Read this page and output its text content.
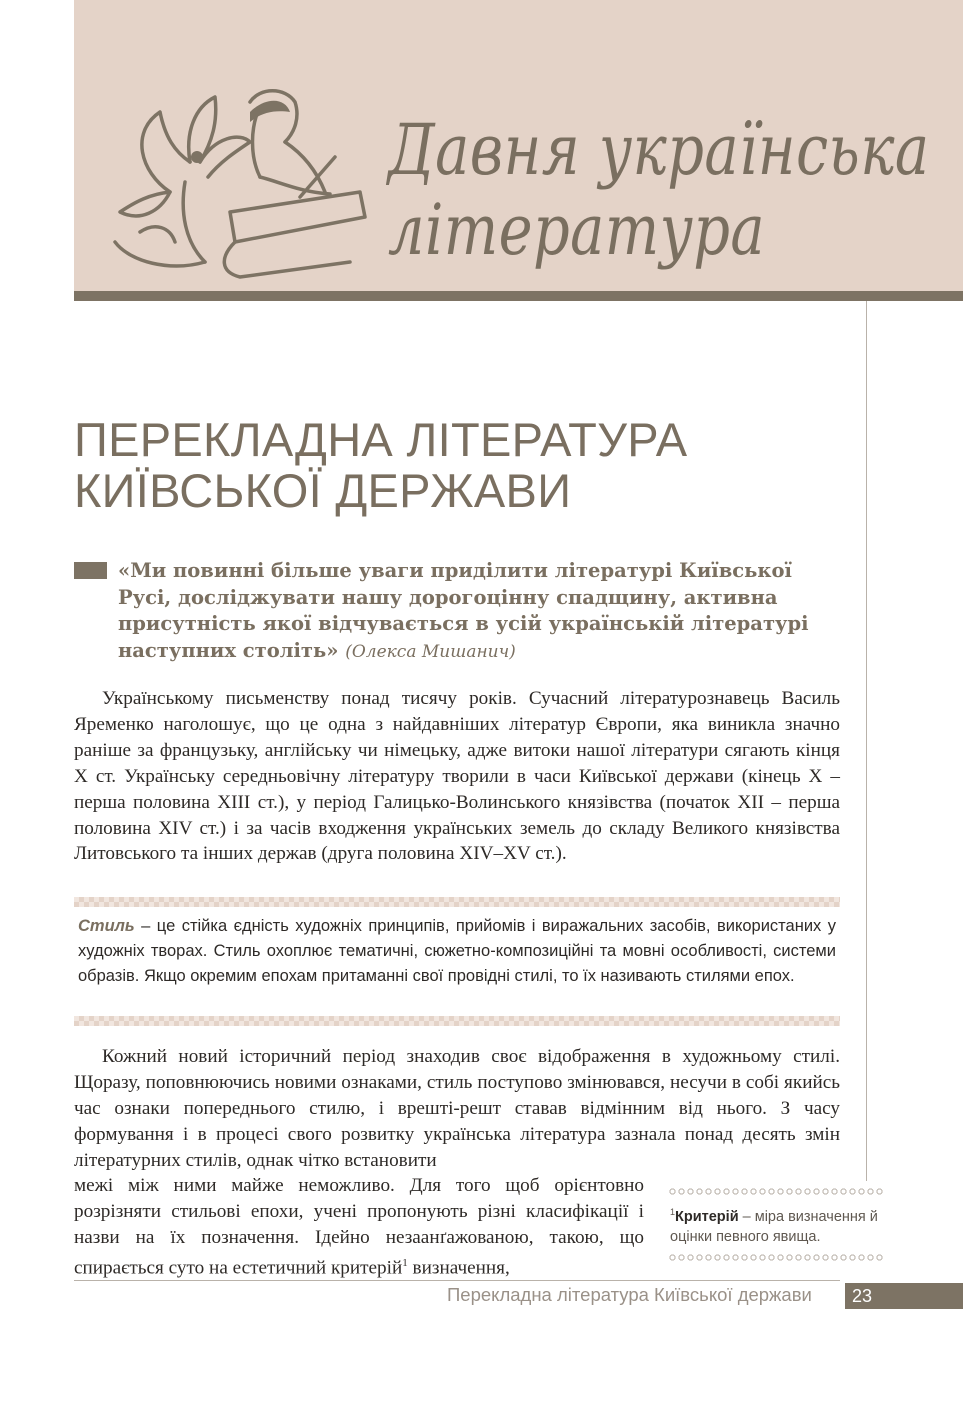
Давня українська
література
ПЕРЕКЛАДНА ЛІТЕРАТУРА
КИЇВСЬКОЇ ДЕРЖАВИ
«Ми повинні більше уваги приділити літературі Київської Русі, досліджувати нашу дорогоцінну спадщину, активна присутність якої відчувається в усій українській літературі наступних століть» (Олекса Мишанич)

Українському письменству понад тисячу років. Сучасний літературознавець Василь Яременко наголошує, що це одна з найдавніших літератур Європи, яка виникла значно раніше за французьку, англійську чи німецьку, адже витоки нашої літератури сягають кінця X ст. Українську середньовічну літературу творили в часи Київської держави (кінець X – перша половина XIII ст.), у період Галицько-Волинського князівства (початок XII – перша половина XIV ст.) і за часів входження українських земель до складу Великого князівства Литовського та інших держав (друга половина XIV–XV ст.).

Стиль – це стійка єдність художніх принципів, прийомів і виражальних засобів, використаних у художніх творах. Стиль охоплює тематичні, сюжетно-композиційні та мовні особливості, системи образів. Якщо окремим епохам притаманні свої провідні стилі, то їх називають стилями епох.

Кожний новий історичний період знаходив своє відображення в художньому стилі. Щоразу, поповнюючись новими ознаками, стиль поступово змінювався, несучи в собі якийсь час ознаки попереднього стилю, і врешті-решт ставав відмінним від нього. З часу формування і в процесі свого розвитку українська література зазнала понад десять змін літературних стилів, однак чітко встановити

межі між ними майже неможливо. Для того щоб орієнтовно розрізняти стильові епохи, учені пропонують різні класифікації і назви на їх позначення. Ідейно незаанґажованою, такою, що спирається суто на естетичний критерій$^1$ визначення,

$^1$Критерій – міра визначення й оцінки певного явища.
Перекладна література Київської держави	23
